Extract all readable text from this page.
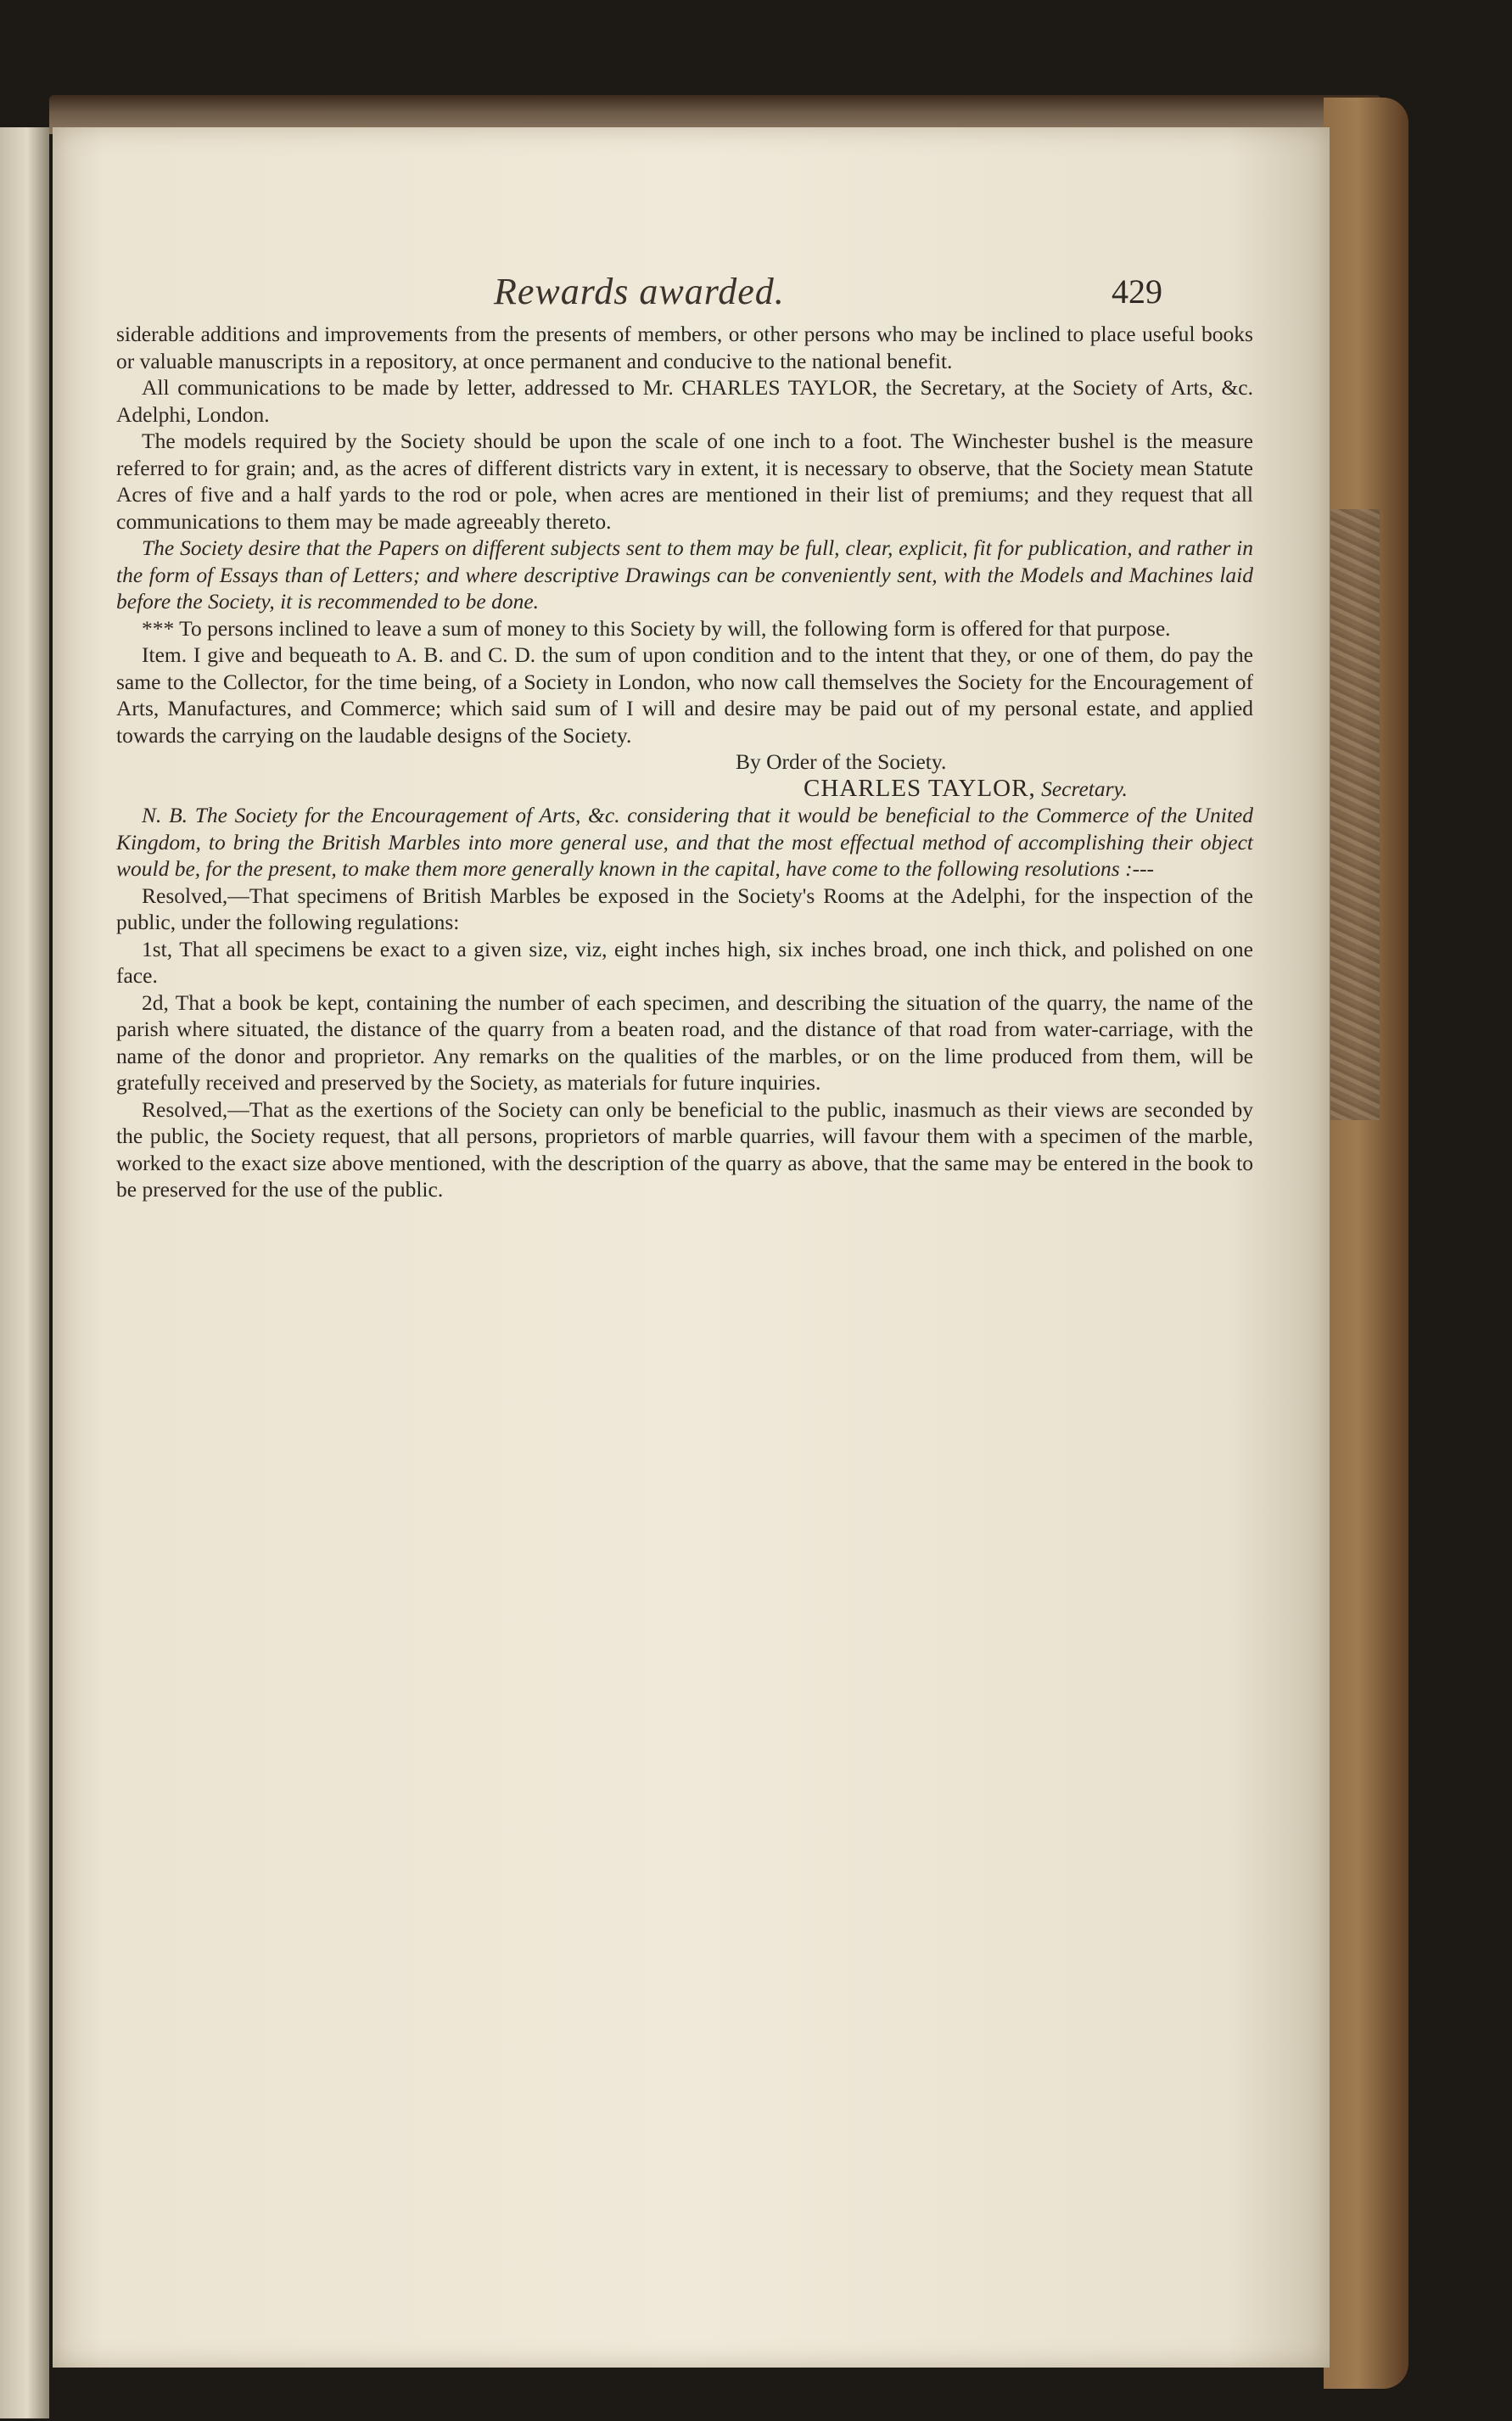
Rewards awarded.	429

siderable additions and improvements from the presents of members, or other persons who may be inclined to place useful books or valuable manuscripts in a repository, at once permanent and conducive to the national benefit.

All communications to be made by letter, addressed to Mr. CHARLES TAYLOR, the Secretary, at the Society of Arts, &c. Adelphi, London.

The models required by the Society should be upon the scale of one inch to a foot. The Winchester bushel is the measure referred to for grain; and, as the acres of different districts vary in extent, it is necessary to observe, that the Society mean Statute Acres of five and a half yards to the rod or pole, when acres are mentioned in their list of premiums; and they request that all communications to them may be made agreeably thereto.

The Society desire that the Papers on different subjects sent to them may be full, clear, explicit, fit for publication, and rather in the form of Essays than of Letters; and where descriptive Drawings can be conveniently sent, with the Models and Machines laid before the Society, it is recommended to be done.

*** To persons inclined to leave a sum of money to this Society by will, the following form is offered for that purpose.

Item. I give and bequeath to A. B. and C. D. the sum of upon condition and to the intent that they, or one of them, do pay the same to the Collector, for the time being, of a Society in London, who now call themselves the Society for the Encouragement of Arts, Manufactures, and Commerce; which said sum of I will and desire may be paid out of my personal estate, and applied towards the carrying on the laudable designs of the Society.

By Order of the Society.
CHARLES TAYLOR, Secretary.

N. B. The Society for the Encouragement of Arts, &c. considering that it would be beneficial to the Commerce of the United Kingdom, to bring the British Marbles into more general use, and that the most effectual method of accomplishing their object would be, for the present, to make them more generally known in the capital, have come to the following resolutions :---

Resolved,—That specimens of British Marbles be exposed in the Society's Rooms at the Adelphi, for the inspection of the public, under the following regulations:

1st, That all specimens be exact to a given size, viz, eight inches high, six inches broad, one inch thick, and polished on one face.

2d, That a book be kept, containing the number of each specimen, and describing the situation of the quarry, the name of the parish where situated, the distance of the quarry from a beaten road, and the distance of that road from water-carriage, with the name of the donor and proprietor. Any remarks on the qualities of the marbles, or on the lime produced from them, will be gratefully received and preserved by the Society, as materials for future inquiries.

Resolved,—That as the exertions of the Society can only be beneficial to the public, inasmuch as their views are seconded by the public, the Society request, that all persons, proprietors of marble quarries, will favour them with a specimen of the marble, worked to the exact size above mentioned, with the description of the quarry as above, that the same may be entered in the book to be preserved for the use of the public.
